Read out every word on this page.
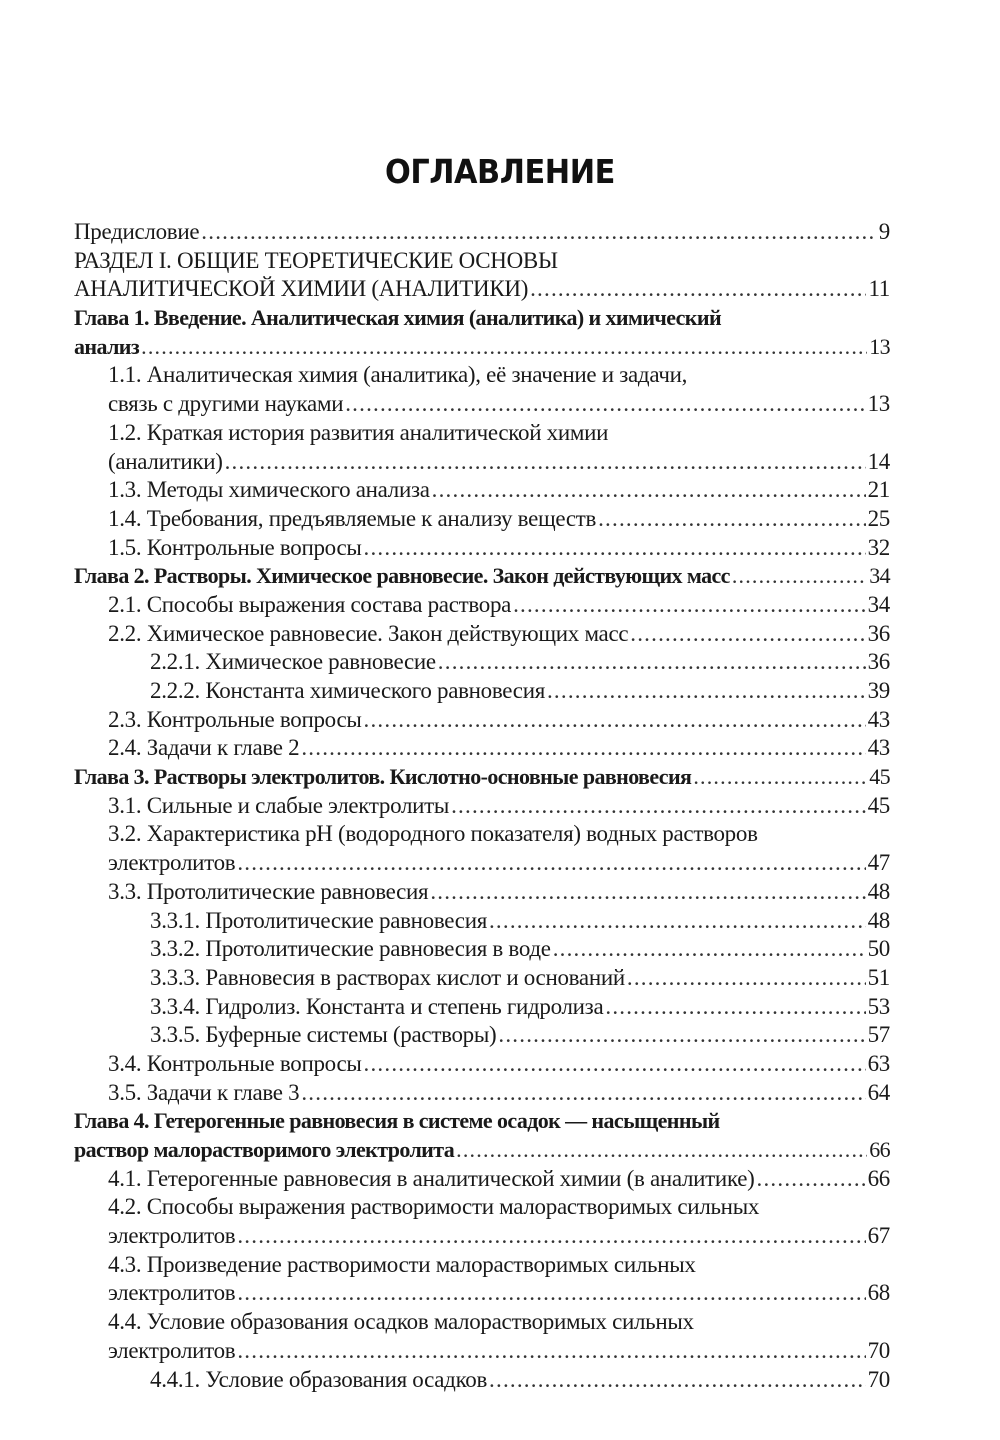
ОГЛАВЛЕНИЕ
Предисловие .....	9
РАЗДЕЛ I. ОБЩИЕ ТЕОРЕТИЧЕСКИЕ ОСНОВЫ
АНАЛИТИЧЕСКОЙ ХИМИИ (АНАЛИТИКИ) .....	11
Глава 1. Введение. Аналитическая химия (аналитика) и химический
анализ .....	13
1.1. Аналитическая химия (аналитика), её значение и задачи,
связь с другими науками .....	13
1.2. Краткая история развития аналитической химии
(аналитики) .....	14
1.3. Методы химического анализа .....	21
1.4. Требования, предъявляемые к анализу веществ .....	25
1.5. Контрольные вопросы .....	32
Глава 2. Растворы. Химическое равновесие. Закон действующих масс .....	34
2.1. Способы выражения состава раствора .....	34
2.2. Химическое равновесие. Закон действующих масс .....	36
2.2.1. Химическое равновесие .....	36
2.2.2. Константа химического равновесия .....	39
2.3. Контрольные вопросы .....	43
2.4. Задачи к главе 2 .....	43
Глава 3. Растворы электролитов. Кислотно-основные равновесия .....	45
3.1. Сильные и слабые электролиты .....	45
3.2. Характеристика pH (водородного показателя) водных растворов
электролитов .....	47
3.3. Протолитические равновесия .....	48
3.3.1. Протолитические равновесия .....	48
3.3.2. Протолитические равновесия в воде .....	50
3.3.3. Равновесия в растворах кислот и оснований .....	51
3.3.4. Гидролиз. Константа и степень гидролиза .....	53
3.3.5. Буферные системы (растворы) .....	57
3.4. Контрольные вопросы .....	63
3.5. Задачи к главе 3 .....	64
Глава 4. Гетерогенные равновесия в системе осадок — насыщенный
раствор малорастворимого электролита .....	66
4.1. Гетерогенные равновесия в аналитической химии (в аналитике) .....	66
4.2. Способы выражения растворимости малорастворимых сильных
электролитов .....	67
4.3. Произведение растворимости малорастворимых сильных
электролитов .....	68
4.4. Условие образования осадков малорастворимых сильных
электролитов .....	70
4.4.1. Условие образования осадков .....	70
